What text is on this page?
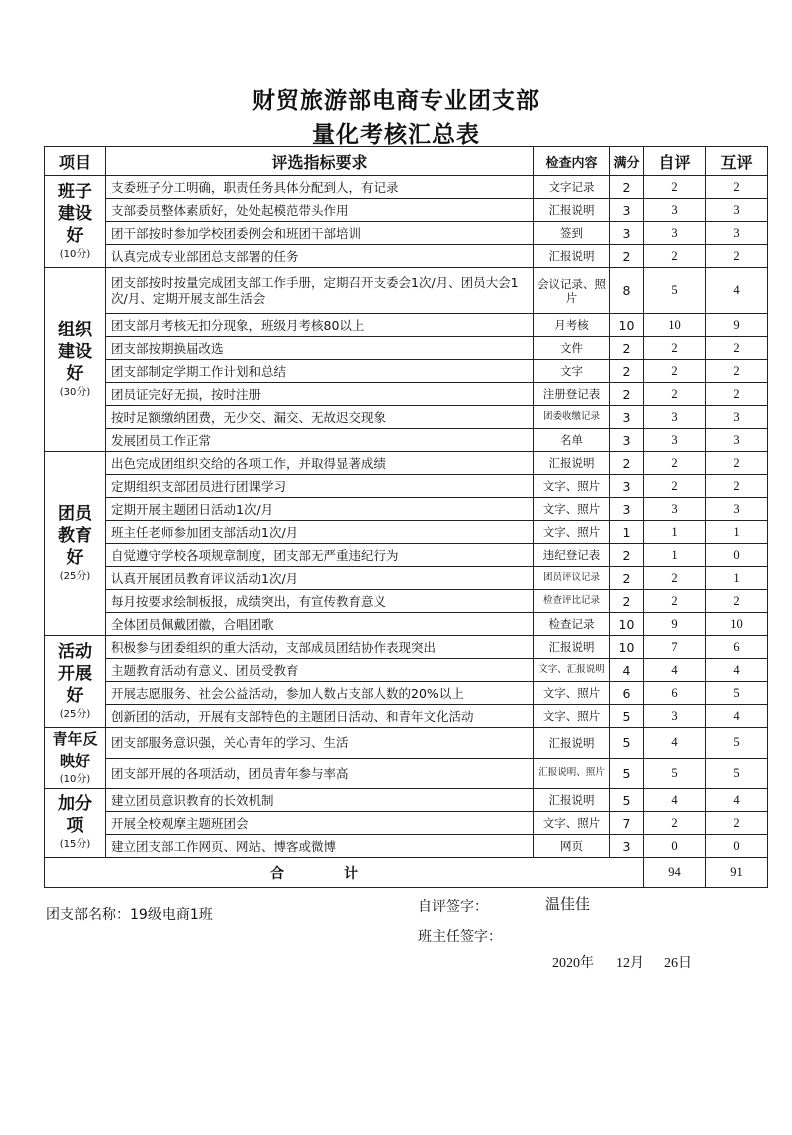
财贸旅游部电商专业团支部
量化考核汇总表
项目	评选指标要求	检查内容	满分	自评	互评
班子建设好
(10分)	支委班子分工明确，职责任务具体分配到人，有记录	文字记录	2	2	2
	支部委员整体素质好，处处起模范带头作用	汇报说明	3	3	3
	团干部按时参加学校团委例会和班团干部培训	签到	3	3	3
	认真完成专业部团总支部署的任务	汇报说明	2	2	2
组织建设好
(30分)	团支部按时按量完成团支部工作手册，定期召开支委会1次/月、团员大会1次/月、定期开展支部生活会	会议记录、照片	8	5	4
	团支部月考核无扣分现象，班级月考核80以上	月考核	10	10	9
	团支部按期换届改选	文件	2	2	2
	团支部制定学期工作计划和总结	文字	2	2	2
	团员证完好无损，按时注册	注册登记表	2	2	2
	按时足额缴纳团费，无少交、漏交、无故迟交现象	团委收缴记录	3	3	3
	发展团员工作正常	名单	3	3	3
团员教育好
(25分)	出色完成团组织交给的各项工作，并取得显著成绩	汇报说明	2	2	2
	定期组织支部团员进行团课学习	文字、照片	3	2	2
	定期开展主题团日活动1次/月	文字、照片	3	3	3
	班主任老师参加团支部活动1次/月	文字、照片	1	1	1
	自觉遵守学校各项规章制度，团支部无严重违纪行为	违纪登记表	2	1	0
	认真开展团员教育评议活动1次/月	团员评议记录	2	2	1
	每月按要求绘制板报，成绩突出，有宣传教育意义	检查评比记录	2	2	2
	全体团员佩戴团徽，合唱团歌	检查记录	10	9	10
活动开展好
(25分)	积极参与团委组织的重大活动，支部成员团结协作表现突出	汇报说明	10	7	6
	主题教育活动有意义、团员受教育	文字、汇报说明	4	4	4
	开展志愿服务、社会公益活动，参加人数占支部人数的20%以上	文字、照片	6	6	5
	创新团的活动，开展有支部特色的主题团日活动、和青年文化活动	文字、照片	5	3	4
青年反映好
(10分)	团支部服务意识强，关心青年的学习、生活	汇报说明	5	4	5
	团支部开展的各项活动，团员青年参与率高	汇报说明、照片	5	5	5
加分项
(15分)	建立团员意识教育的长效机制	汇报说明	5	4	4
	开展全校观摩主题班团会	文字、照片	7	2	2
	建立团支部工作网页、网站、博客或微博	网页	3	0	0
合计				94	91
团支部名称：19级电商1班	自评签字：	温佳佳
班主任签字：
2020年 12月 26日
